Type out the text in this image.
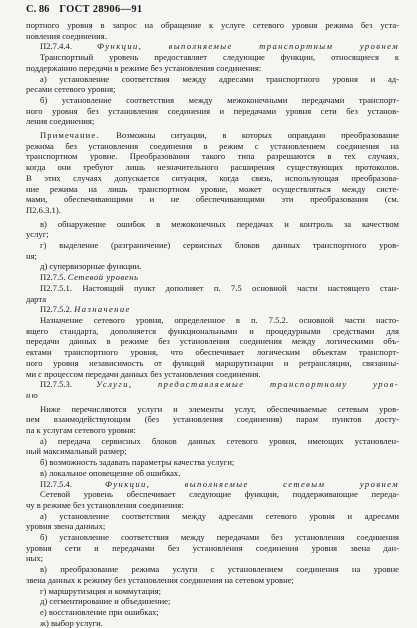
С. 86 ГОСТ 28906—91
портного уровня в запрос на обращение к услуге сетевого уровня режима без уста-
новления соединения.
П2.7.4.4. Функции, выполняемые транспортным уровнем
Транспортный уровень предоставляет следующие функции, относящиеся к
поддержанию передачи в режиме без установления соединения:
а) установление соответствия между адресами транспортного уровня и ад-
ресами сетевого уровня;
б) установление соответствия между межоконечными передачами транспорт-
ного уровня без установления соединения и передачами уровня сети без установ-
ления соединения;
Примечание. Возможны ситуации, в которых оправдано преобразование
режима без установления соединения в режим с установлением соединения на
транспортном уровне. Преобразования такого типа разрешаются в тех случаях,
когда они требуют лишь незначительного расширения существующих протоколов.
В этих случаях допускается ситуация, когда связь, использующая преобразова-
ние режима на лишь транспортном уровне, может осуществляться между систе-
мами, обеспечивающими и не обеспечивающими эти преобразования (см.
П2.6.3.1).
в) обнаружение ошибок в межоконечных передачах и контроль за качеством
услуг;
г) выделение (разграничение) сервисных блоков данных транспортного уров-
ня;
д) супервизорные функции.
П2.7.5. Сетевой уровень
П2.7.5.1. Настоящий пункт дополняет п. 7.5 основной части настоящего стан-
дарта
П2.7.5.2. Назначение
Назначение сетевого уровня, определенное в п. 7.5.2. основной части насто-
ящего стандарта, дополняется функциональными и процедурными средствами для
передачи данных в режиме без установления соединения между логическими объ-
ектами транспортного уровня, что обеспечивает логическим объектам транспорт-
ного уровня независимость от функций маршрутизации и ретрансляции, связанны-
ми с процессом передачи данных без установления соединения.
П2.7.5.3. Услуги, предоставляемые транспортному уров-
ню
Ниже перечисляются услуги и элементы услуг, обеспечиваемые сетевым уров-
нем взаимодействующим (без установления соединения) парам пунктов досту-
па к услугам сетевого уровня:
а) передача сервисных блоков данных сетевого уровня, имеющих установлен-
ный максимальный размер;
б) возможность задавать параметры качества услуги;
в) локальное оповещение об ошибках.
П2.7.5.4. Функции, выполняемые сетевым уровнем
Сетевой уровень обеспечивает следующие функции, поддерживающие переда-
чу в режиме без установления соединения:
а) установление соответствия между адресами сетевого уровня и адресами
уровня звена данных;
б) установление соответствия между передачами без установления соединения
уровня сети и передачами без установления соединения уровня звена дан-
ных;
в) преобразование режима услуги с установлением соединения на уровне
звена данных к режиму без установления соединения на сетевом уровне;
г) маршрутизация и коммутация;
д) сегментирование и объединение;
е) восстановление при ошибках;
ж) выбор услуги.
